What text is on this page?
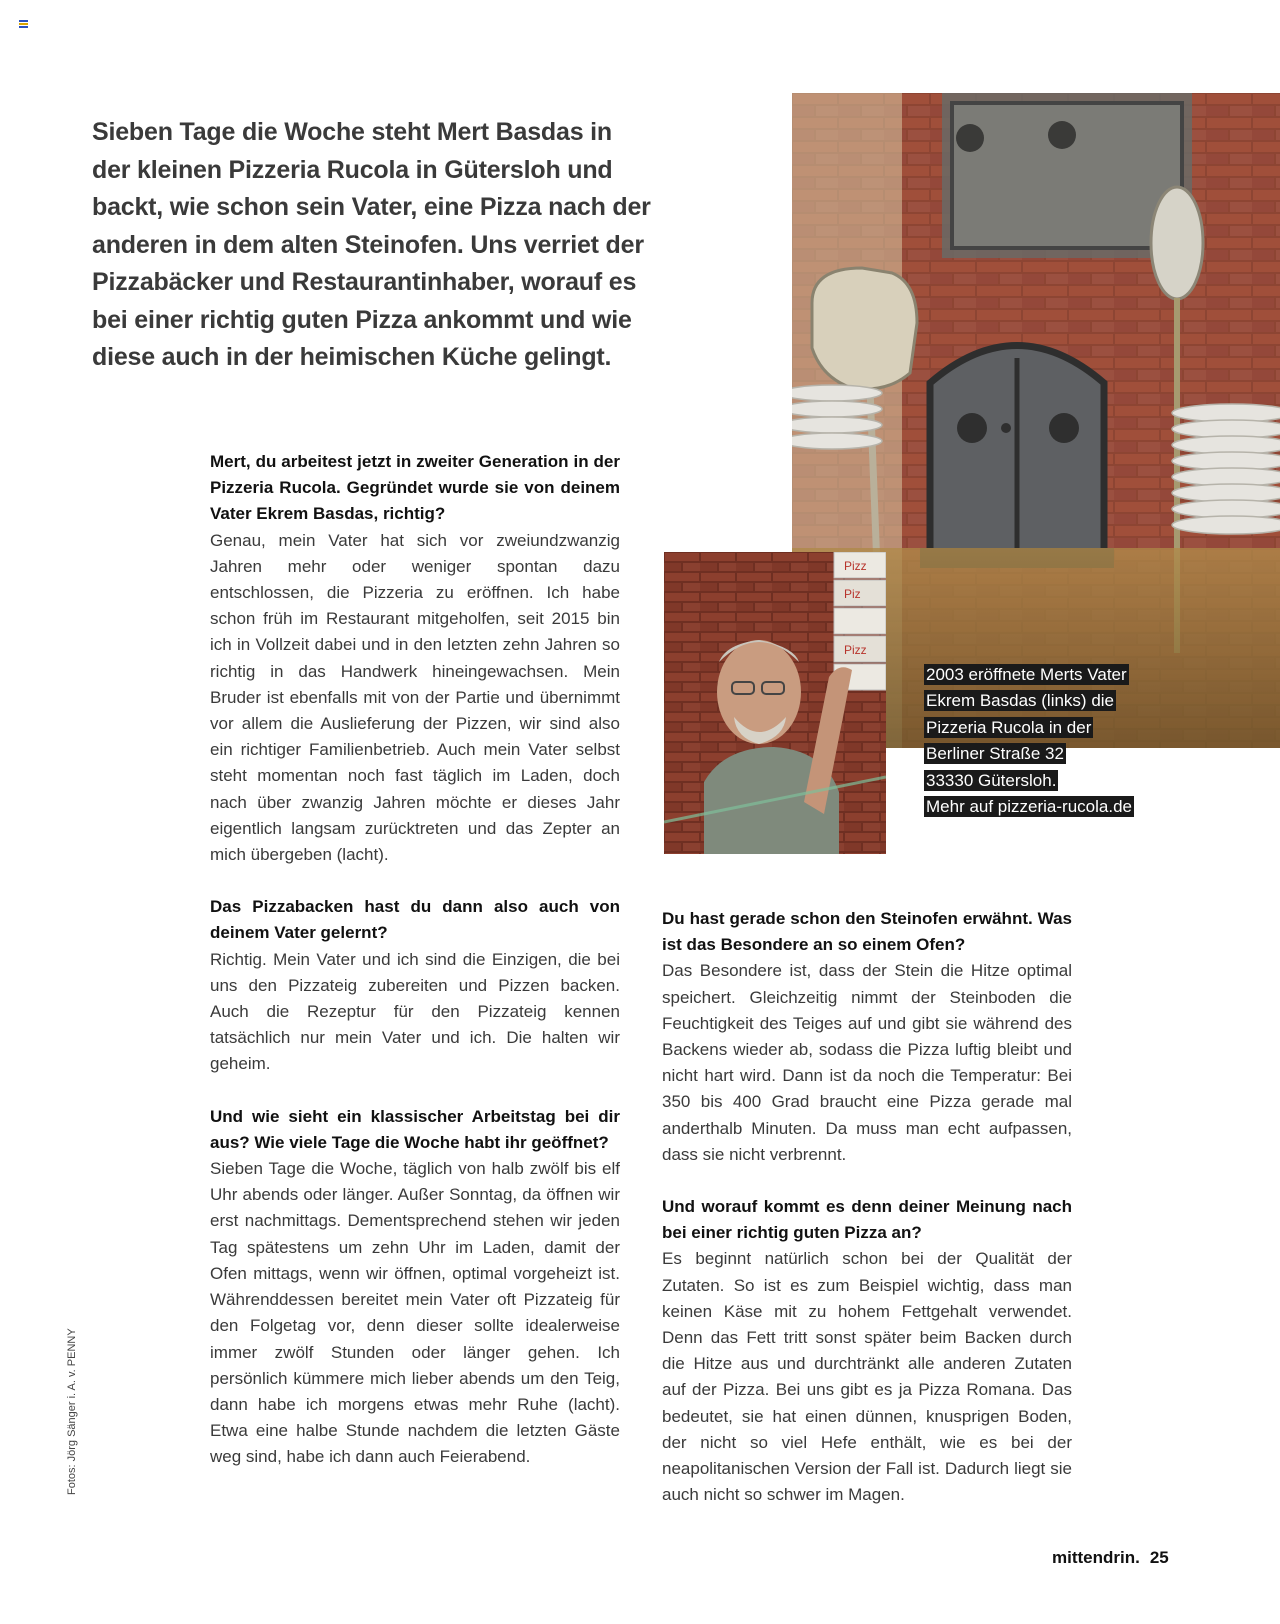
Sieben Tage die Woche steht Mert Basdas in der kleinen Pizzeria Rucola in Gütersloh und backt, wie schon sein Vater, eine Pizza nach der anderen in dem alten Steinofen. Uns verriet der Pizzabäcker und Restaurantinhaber, worauf es bei einer richtig guten Pizza ankommt und wie diese auch in der heimischen Küche gelingt.

Pizz
Piz
Pizz
2003 eröffnete Merts Vater
Ekrem Basdas (links) die
Pizzeria Rucola in der
Berliner Straße 32
33330 Gütersloh.
Mehr auf pizzeria-rucola.de
Mert, du arbeitest jetzt in zweiter Generation in der Pizzeria Rucola. Gegründet wurde sie von deinem Vater Ekrem Basdas, richtig?
Genau, mein Vater hat sich vor zweiundzwanzig Jahren mehr oder weniger spontan dazu entschlossen, die Pizzeria zu eröffnen. Ich habe schon früh im Restaurant mitgeholfen, seit 2015 bin ich in Vollzeit dabei und in den letzten zehn Jahren so richtig in das Handwerk hineingewachsen. Mein Bruder ist ebenfalls mit von der Partie und übernimmt vor allem die Auslieferung der Pizzen, wir sind also ein richtiger Familienbetrieb. Auch mein Vater selbst steht momentan noch fast täglich im Laden, doch nach über zwanzig Jahren möchte er dieses Jahr eigentlich langsam zurücktreten und das Zepter an mich übergeben (lacht).
Das Pizzabacken hast du dann also auch von deinem Vater gelernt?
Richtig. Mein Vater und ich sind die Einzigen, die bei uns den Pizzateig zubereiten und Pizzen backen. Auch die Rezeptur für den Pizzateig kennen tatsächlich nur mein Vater und ich. Die halten wir geheim.
Und wie sieht ein klassischer Arbeitstag bei dir aus? Wie viele Tage die Woche habt ihr geöffnet?
Sieben Tage die Woche, täglich von halb zwölf bis elf Uhr abends oder länger. Außer Sonntag, da öffnen wir erst nachmittags. Dementsprechend stehen wir jeden Tag spätestens um zehn Uhr im Laden, damit der Ofen mittags, wenn wir öffnen, optimal vorgeheizt ist. Währenddessen bereitet mein Vater oft Pizzateig für den Folgetag vor, denn dieser sollte idealerweise immer zwölf Stunden oder länger gehen. Ich persönlich kümmere mich lieber abends um den Teig, dann habe ich morgens etwas mehr Ruhe (lacht). Etwa eine halbe Stunde nachdem die letzten Gäste weg sind, habe ich dann auch Feierabend.
Du hast gerade schon den Steinofen erwähnt. Was ist das Besondere an so einem Ofen?
Das Besondere ist, dass der Stein die Hitze optimal speichert. Gleichzeitig nimmt der Steinboden die Feuchtigkeit des Teiges auf und gibt sie während des Backens wieder ab, sodass die Pizza luftig bleibt und nicht hart wird. Dann ist da noch die Temperatur: Bei 350 bis 400 Grad braucht eine Pizza gerade mal anderthalb Minuten. Da muss man echt aufpassen, dass sie nicht verbrennt.
Und worauf kommt es denn deiner Meinung nach bei einer richtig guten Pizza an?
Es beginnt natürlich schon bei der Qualität der Zutaten. So ist es zum Beispiel wichtig, dass man keinen Käse mit zu hohem Fettgehalt verwendet. Denn das Fett tritt sonst später beim Backen durch die Hitze aus und durchtränkt alle anderen Zutaten auf der Pizza. Bei uns gibt es ja Pizza Romana. Das bedeutet, sie hat einen dünnen, knusprigen Boden, der nicht so viel Hefe enthält, wie es bei der neapolitanischen Version der Fall ist. Dadurch liegt sie auch nicht so schwer im Magen.
Fotos: Jörg Sänger i. A. v. PENNY
mittendrin. 25
